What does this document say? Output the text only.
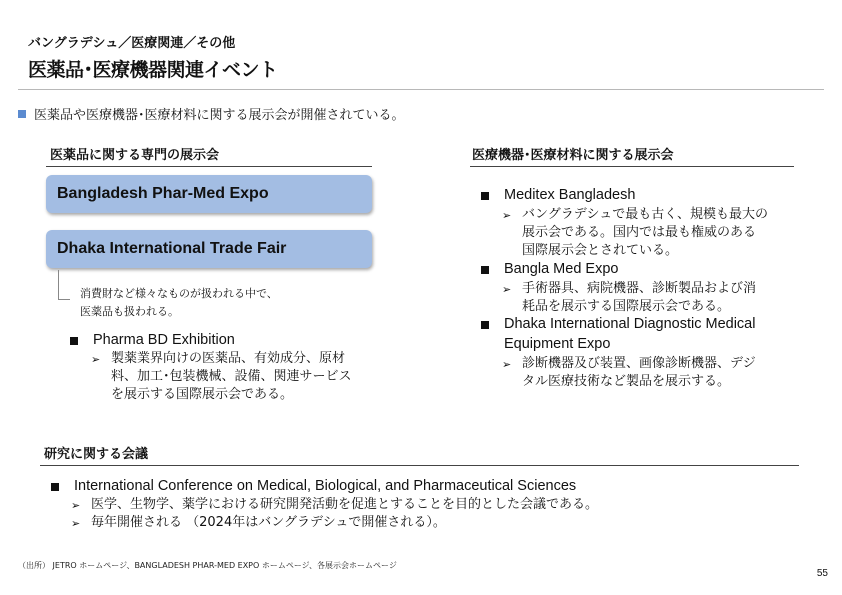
バングラデシュ／医療関連／その他
医薬品･医療機器関連イベント
医薬品や医療機器･医療材料に関する展示会が開催されている。
医薬品に関する専門の展示会
Bangladesh Phar-Med Expo
Dhaka International Trade Fair
消費財など様々なものが扱われる中で、
医薬品も扱われる。
Pharma BD Exhibition
➢ 製薬業界向けの医薬品、有効成分、原材
料、加工･包装機械、設備、関連サービス
を展示する国際展示会である。
医療機器･医療材料に関する展示会
Meditex Bangladesh
➢ バングラデシュで最も古く、規模も最大の
展示会である。国内では最も権威のある
国際展示会とされている。
Bangla Med Expo
➢ 手術器具、病院機器、診断製品および消
耗品を展示する国際展示会である。
Dhaka International Diagnostic Medical
Equipment Expo
➢ 診断機器及び装置、画像診断機器、デジ
タル医療技術など製品を展示する。
研究に関する会議
International Conference on Medical, Biological, and Pharmaceutical Sciences
➢ 医学、生物学、薬学における研究開発活動を促進とすることを目的とした会議である。
➢ 毎年開催される （2024年はバングラデシュで開催される）。
（出所） JETRO ホームページ、BANGLADESH PHAR-MED EXPO ホームページ、各展示会ホームページ
55
